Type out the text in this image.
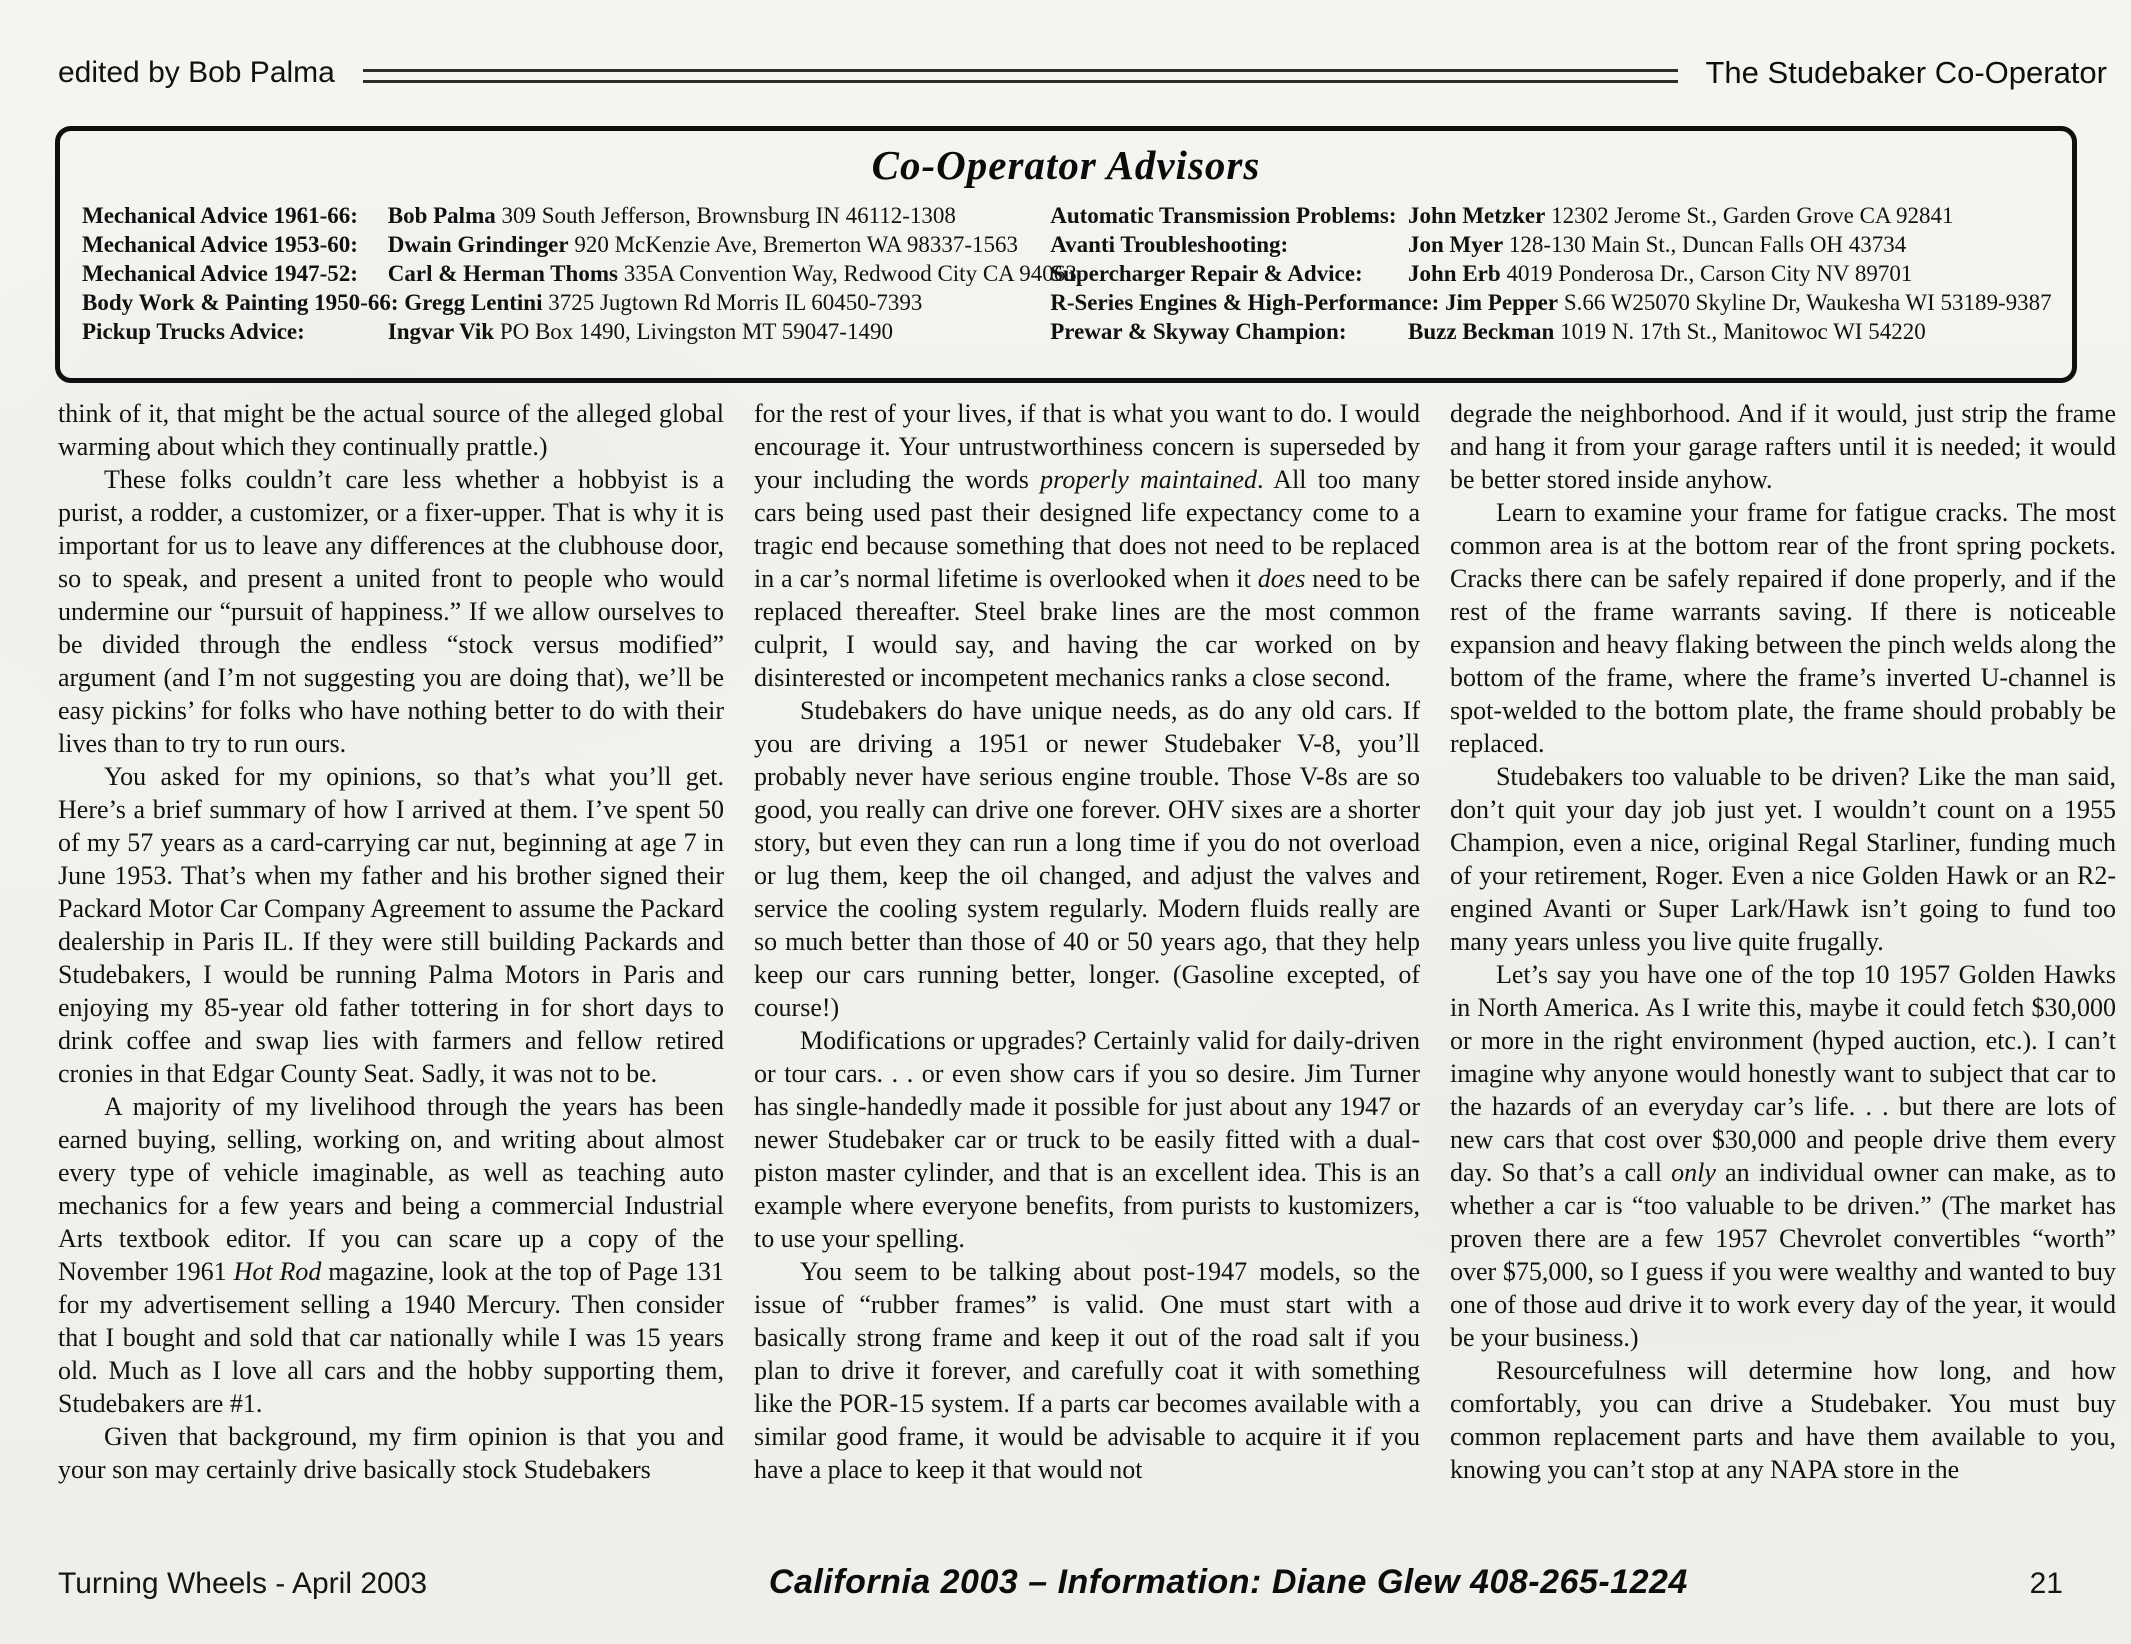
edited by Bob Palma	The Studebaker Co-Operator
Co-Operator Advisors
Mechanical Advice 1961-66: Bob Palma 309 South Jefferson, Brownsburg IN 46112-1308
Mechanical Advice 1953-60: Dwain Grindinger 920 McKenzie Ave, Bremerton WA 98337-1563
Mechanical Advice 1947-52: Carl & Herman Thoms 335A Convention Way, Redwood City CA 94063
Body Work & Painting 1950-66: Gregg Lentini 3725 Jugtown Rd Morris IL 60450-7393
Pickup Trucks Advice:	Ingvar Vik PO Box 1490, Livingston MT 59047-1490
Automatic Transmission Problems: John Metzker 12302 Jerome St., Garden Grove CA 92841
Avanti Troubleshooting:	Jon Myer 128-130 Main St., Duncan Falls OH 43734
Supercharger Repair & Advice: John Erb 4019 Ponderosa Dr., Carson City NV 89701
R-Series Engines & High-Performance: Jim Pepper S.66 W25070 Skyline Dr, Waukesha WI 53189-9387
Prewar & Skyway Champion:	Buzz Beckman 1019 N. 17th St., Manitowoc WI 54220

think of it, that might be the actual source of the alleged global warming about which they continually prattle.)

These folks couldn’t care less whether a hobbyist is a purist, a rodder, a customizer, or a fixer-upper. That is why it is important for us to leave any differences at the clubhouse door, so to speak, and present a united front to people who would undermine our “pursuit of happiness.” If we allow ourselves to be divided through the endless “stock versus modified” argument (and I’m not suggesting you are doing that), we’ll be easy pickins’ for folks who have nothing better to do with their lives than to try to run ours.

You asked for my opinions, so that’s what you’ll get. Here’s a brief summary of how I arrived at them. I’ve spent 50 of my 57 years as a card-carrying car nut, beginning at age 7 in June 1953. That’s when my father and his brother signed their Packard Motor Car Company Agreement to assume the Packard dealership in Paris IL. If they were still building Packards and Studebakers, I would be running Palma Motors in Paris and enjoying my 85-year old father tottering in for short days to drink coffee and swap lies with farmers and fellow retired cronies in that Edgar County Seat. Sadly, it was not to be.

A majority of my livelihood through the years has been earned buying, selling, working on, and writing about almost every type of vehicle imaginable, as well as teaching auto mechanics for a few years and being a commercial Industrial Arts textbook editor. If you can scare up a copy of the November 1961 Hot Rod magazine, look at the top of Page 131 for my advertisement selling a 1940 Mercury. Then consider that I bought and sold that car nationally while I was 15 years old. Much as I love all cars and the hobby supporting them, Studebakers are #1.

Given that background, my firm opinion is that you and your son may certainly drive basically stock Studebakers

for the rest of your lives, if that is what you want to do. I would encourage it. Your untrustworthiness concern is superseded by your including the words properly maintained. All too many cars being used past their designed life expectancy come to a tragic end because something that does not need to be replaced in a car’s normal lifetime is overlooked when it does need to be replaced thereafter. Steel brake lines are the most common culprit, I would say, and having the car worked on by disinterested or incompetent mechanics ranks a close second.

Studebakers do have unique needs, as do any old cars. If you are driving a 1951 or newer Studebaker V-8, you’ll probably never have serious engine trouble. Those V-8s are so good, you really can drive one forever. OHV sixes are a shorter story, but even they can run a long time if you do not overload or lug them, keep the oil changed, and adjust the valves and service the cooling system regularly. Modern fluids really are so much better than those of 40 or 50 years ago, that they help keep our cars running better, longer. (Gasoline excepted, of course!)

Modifications or upgrades? Certainly valid for daily-driven or tour cars. . . or even show cars if you so desire. Jim Turner has single-handedly made it possible for just about any 1947 or newer Studebaker car or truck to be easily fitted with a dual-piston master cylinder, and that is an excellent idea. This is an example where everyone benefits, from purists to kustomizers, to use your spelling.

You seem to be talking about post-1947 models, so the issue of “rubber frames” is valid. One must start with a basically strong frame and keep it out of the road salt if you plan to drive it forever, and carefully coat it with something like the POR-15 system. If a parts car becomes available with a similar good frame, it would be advisable to acquire it if you have a place to keep it that would not

degrade the neighborhood. And if it would, just strip the frame and hang it from your garage rafters until it is needed; it would be better stored inside anyhow.

Learn to examine your frame for fatigue cracks. The most common area is at the bottom rear of the front spring pockets. Cracks there can be safely repaired if done properly, and if the rest of the frame warrants saving. If there is noticeable expansion and heavy flaking between the pinch welds along the bottom of the frame, where the frame’s inverted U-channel is spot-welded to the bottom plate, the frame should probably be replaced.

Studebakers too valuable to be driven? Like the man said, don’t quit your day job just yet. I wouldn’t count on a 1955 Champion, even a nice, original Regal Starliner, funding much of your retirement, Roger. Even a nice Golden Hawk or an R2-engined Avanti or Super Lark/Hawk isn’t going to fund too many years unless you live quite frugally.

Let’s say you have one of the top 10 1957 Golden Hawks in North America. As I write this, maybe it could fetch $30,000 or more in the right environment (hyped auction, etc.). I can’t imagine why anyone would honestly want to subject that car to the hazards of an everyday car’s life. . . but there are lots of new cars that cost over $30,000 and people drive them every day. So that’s a call only an individual owner can make, as to whether a car is “too valuable to be driven.” (The market has proven there are a few 1957 Chevrolet convertibles “worth” over $75,000, so I guess if you were wealthy and wanted to buy one of those aud drive it to work every day of the year, it would be your business.)

Resourcefulness will determine how long, and how comfortably, you can drive a Studebaker. You must buy common replacement parts and have them available to you, knowing you can’t stop at any NAPA store in the

Turning Wheels - April 2003	California 2003 – Information: Diane Glew 408-265-1224	21
